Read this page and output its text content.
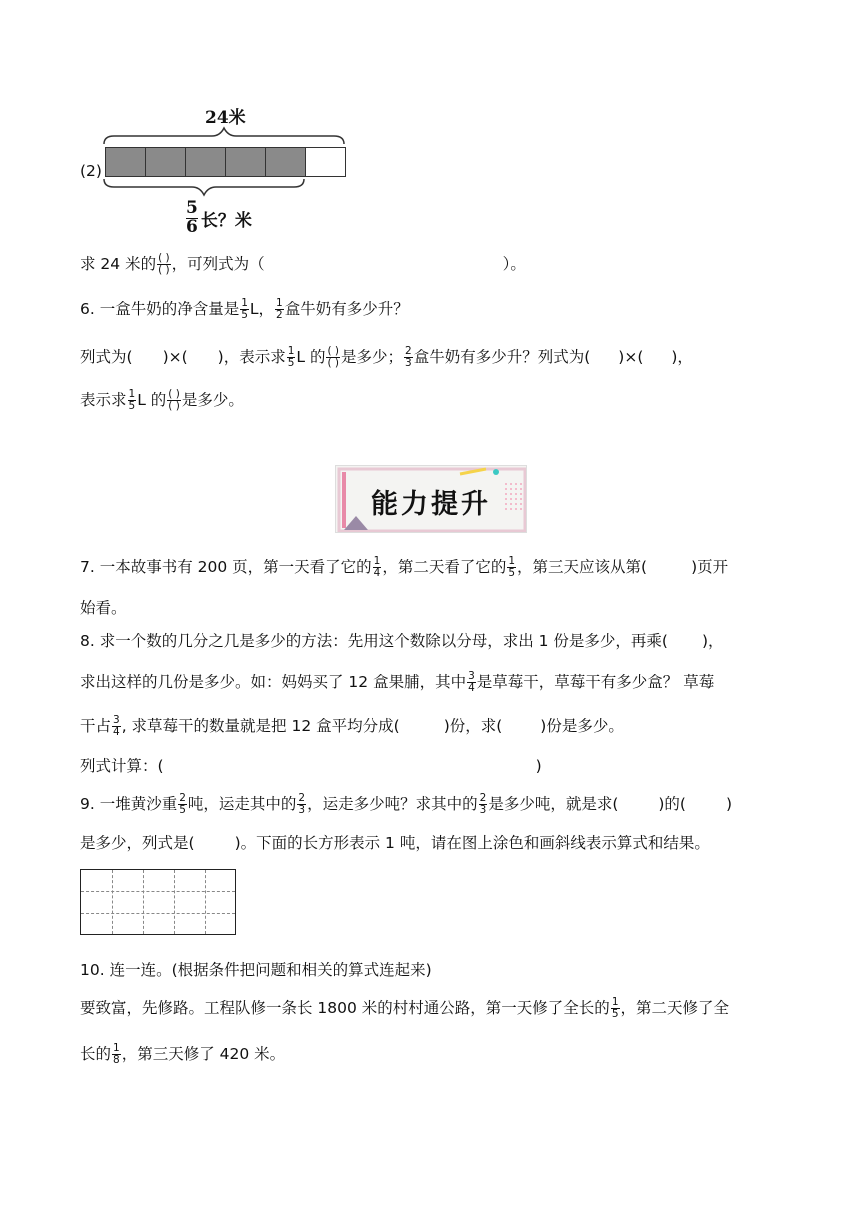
24米
(2)
$\frac{5}{6}$ 长？米
求 24 米的 $\frac{( )}{( )}$ ，可列式为（	）。
6. 一盒牛奶的净含量是 $\frac{1}{5}$ L， $\frac{1}{2}$ 盒牛奶有多少升？
列式为( )×( )，表示求 $\frac{1}{5}$ L 的 $\frac{( )}{( )}$ 是多少； $\frac{2}{3}$ 盒牛奶有多少升？列式为( )×( )，
表示求 $\frac{1}{5}$ L 的 $\frac{( )}{( )}$ 是多少。
能力提升
7. 一本故事书有 200 页，第一天看了它的 $\frac{1}{4}$ ，第二天看了它的 $\frac{1}{5}$ ，第三天应该从第(	)页开
始看。
8. 求一个数的几分之几是多少的方法：先用这个数除以分母，求出 1 份是多少，再乘( )，
求出这样的几份是多少。如：妈妈买了 12 盒果脯，其中 $\frac{3}{4}$ 是草莓干，草莓干有多少盒？ 草莓
干占 $\frac{3}{4}$ , 求草莓干的数量就是把 12 盒平均分成(	)份，求( )份是多少。
列式计算：(	)
9. 一堆黄沙重 $\frac{2}{5}$ 吨，运走其中的 $\frac{2}{3}$ ，运走多少吨？求其中的 $\frac{2}{3}$ 是多少吨，就是求(	)的(	)
是多少，列式是(	)。下面的长方形表示 1 吨，请在图上涂色和画斜线表示算式和结果。
10. 连一连。(根据条件把问题和相关的算式连起来)
要致富，先修路。工程队修一条长 1800 米的村村通公路，第一天修了全长的 $\frac{1}{5}$ ，第二天修了全
长的 $\frac{1}{8}$ ，第三天修了 420 米。
